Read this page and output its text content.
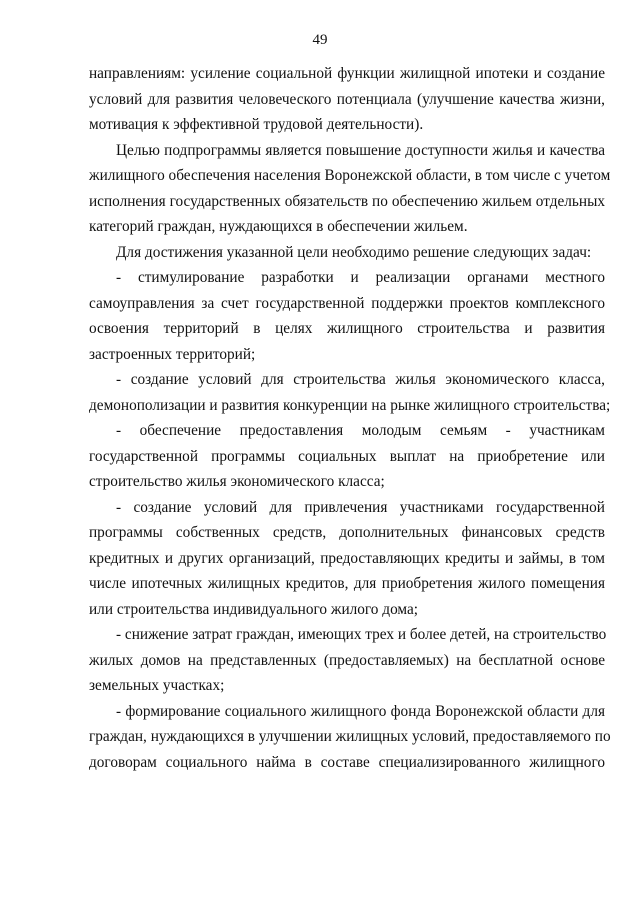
49
направлениям: усиление социальной функции жилищной ипотеки и создание
условий для развития человеческого потенциала (улучшение качества жизни,
мотивация к эффективной трудовой деятельности).
Целью подпрограммы является повышение доступности жилья и качества
жилищного обеспечения населения Воронежской области, в том числе с учетом
исполнения государственных обязательств по обеспечению жильем отдельных
категорий граждан, нуждающихся в обеспечении жильем.
Для достижения указанной цели необходимо решение следующих задач:
- стимулирование разработки и реализации органами местного
самоуправления за счет государственной поддержки проектов комплексного
освоения территорий в целях жилищного строительства и развития
застроенных территорий;
- создание условий для строительства жилья экономического класса,
демонополизации и развития конкуренции на рынке жилищного строительства;
- обеспечение предоставления молодым семьям - участникам
государственной программы социальных выплат на приобретение или
строительство жилья экономического класса;
- создание условий для привлечения участниками государственной
программы собственных средств, дополнительных финансовых средств
кредитных и других организаций, предоставляющих кредиты и займы, в том
числе ипотечных жилищных кредитов, для приобретения жилого помещения
или строительства индивидуального жилого дома;
- снижение затрат граждан, имеющих трех и более детей, на строительство
жилых домов на представленных (предоставляемых) на бесплатной основе
земельных участках;
- формирование социального жилищного фонда Воронежской области для
граждан, нуждающихся в улучшении жилищных условий, предоставляемого по
договорам социального найма в составе специализированного жилищного
